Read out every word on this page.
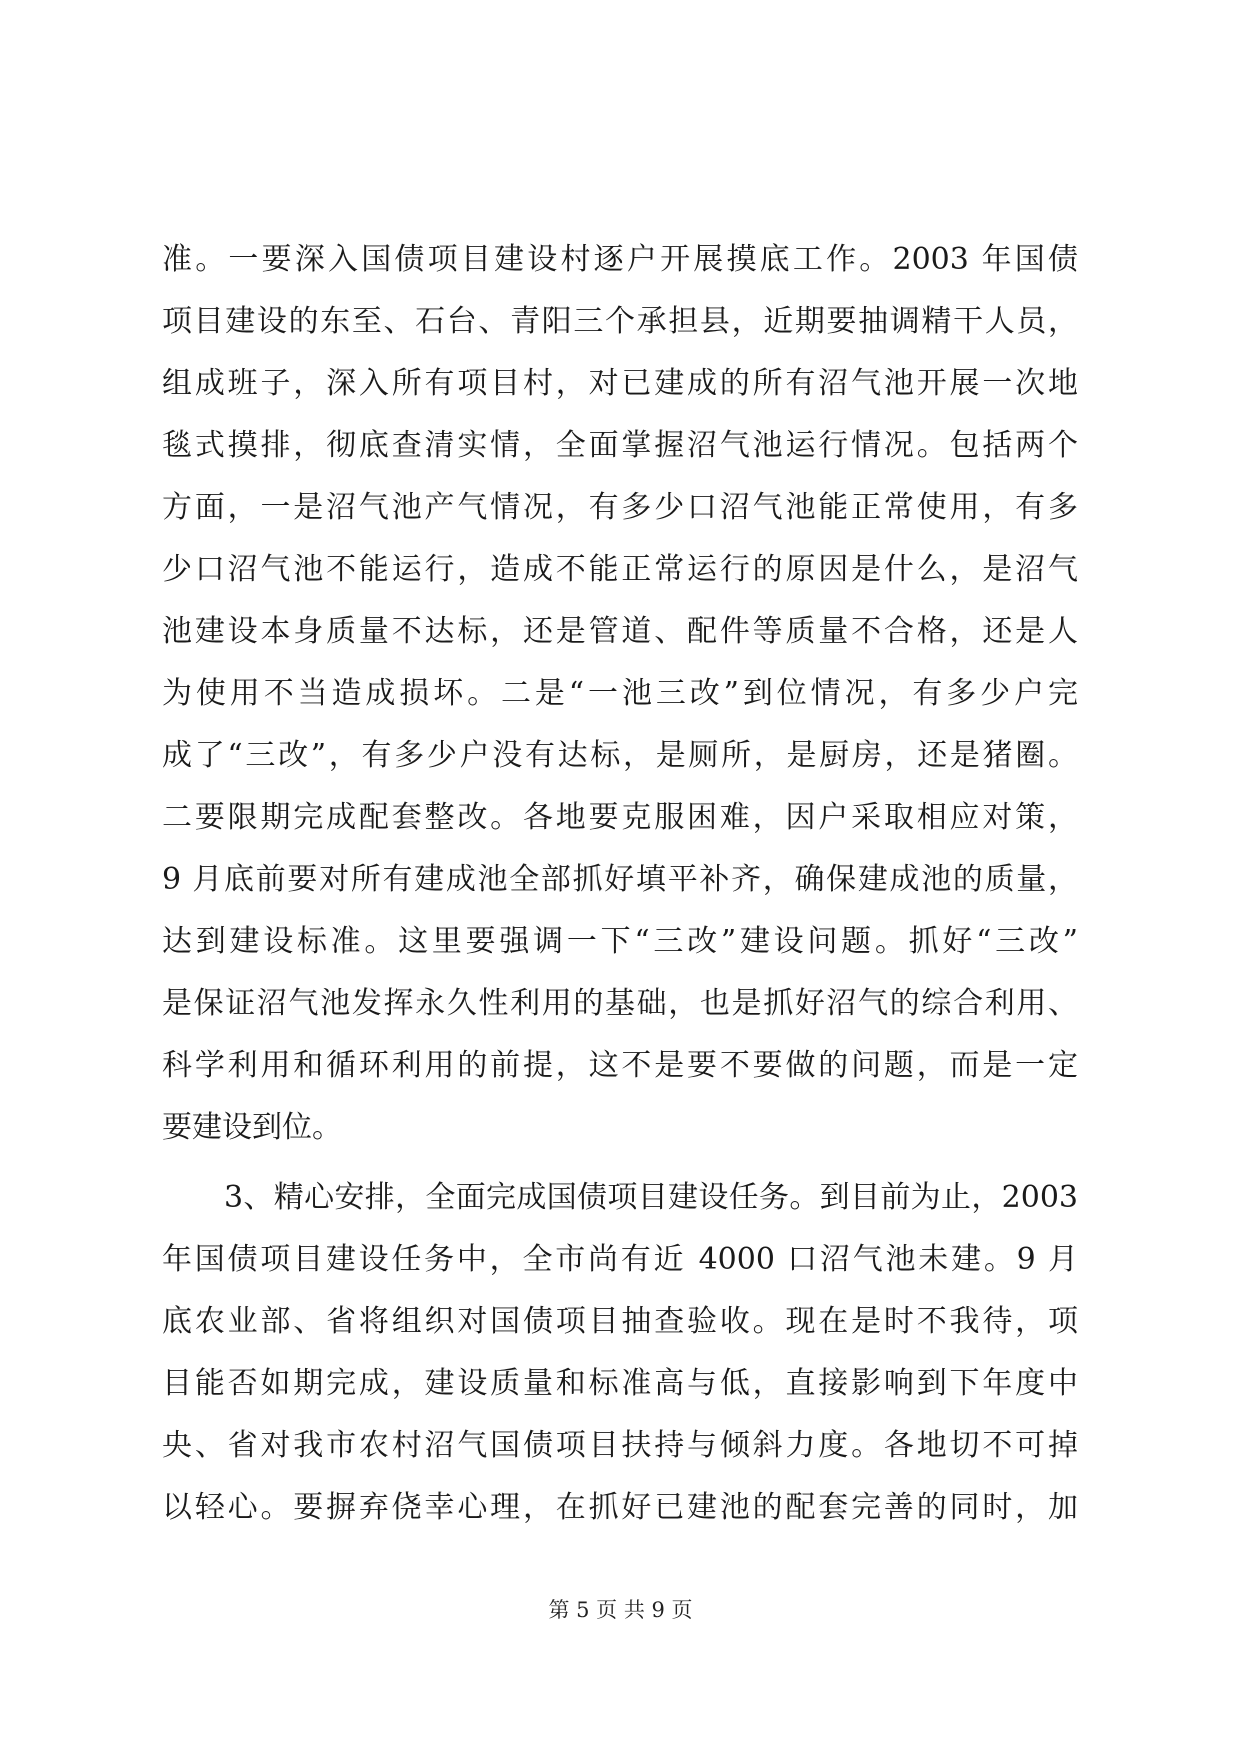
准。一要深入国债项目建设村逐户开展摸底工作。2003 年国债
项目建设的东至、石台、青阳三个承担县，近期要抽调精干人员，
组成班子，深入所有项目村，对已建成的所有沼气池开展一次地
毯式摸排，彻底查清实情，全面掌握沼气池运行情况。包括两个
方面，一是沼气池产气情况，有多少口沼气池能正常使用，有多
少口沼气池不能运行，造成不能正常运行的原因是什么，是沼气
池建设本身质量不达标，还是管道、配件等质量不合格，还是人
为使用不当造成损坏。二是“一池三改”到位情况，有多少户完
成了“三改”，有多少户没有达标，是厕所，是厨房，还是猪圈。
二要限期完成配套整改。各地要克服困难，因户采取相应对策，
9 月底前要对所有建成池全部抓好填平补齐，确保建成池的质量，
达到建设标准。这里要强调一下“三改”建设问题。抓好“三改”
是保证沼气池发挥永久性利用的基础，也是抓好沼气的综合利用、
科学利用和循环利用的前提，这不是要不要做的问题，而是一定
要建设到位。
3、精心安排，全面完成国债项目建设任务。到目前为止，2003
年国债项目建设任务中，全市尚有近 4000 口沼气池未建。9 月
底农业部、省将组织对国债项目抽查验收。现在是时不我待，项
目能否如期完成，建设质量和标准高与低，直接影响到下年度中
央、省对我市农村沼气国债项目扶持与倾斜力度。各地切不可掉
以轻心。要摒弃侥幸心理，在抓好已建池的配套完善的同时，加
第 5 页 共 9 页
